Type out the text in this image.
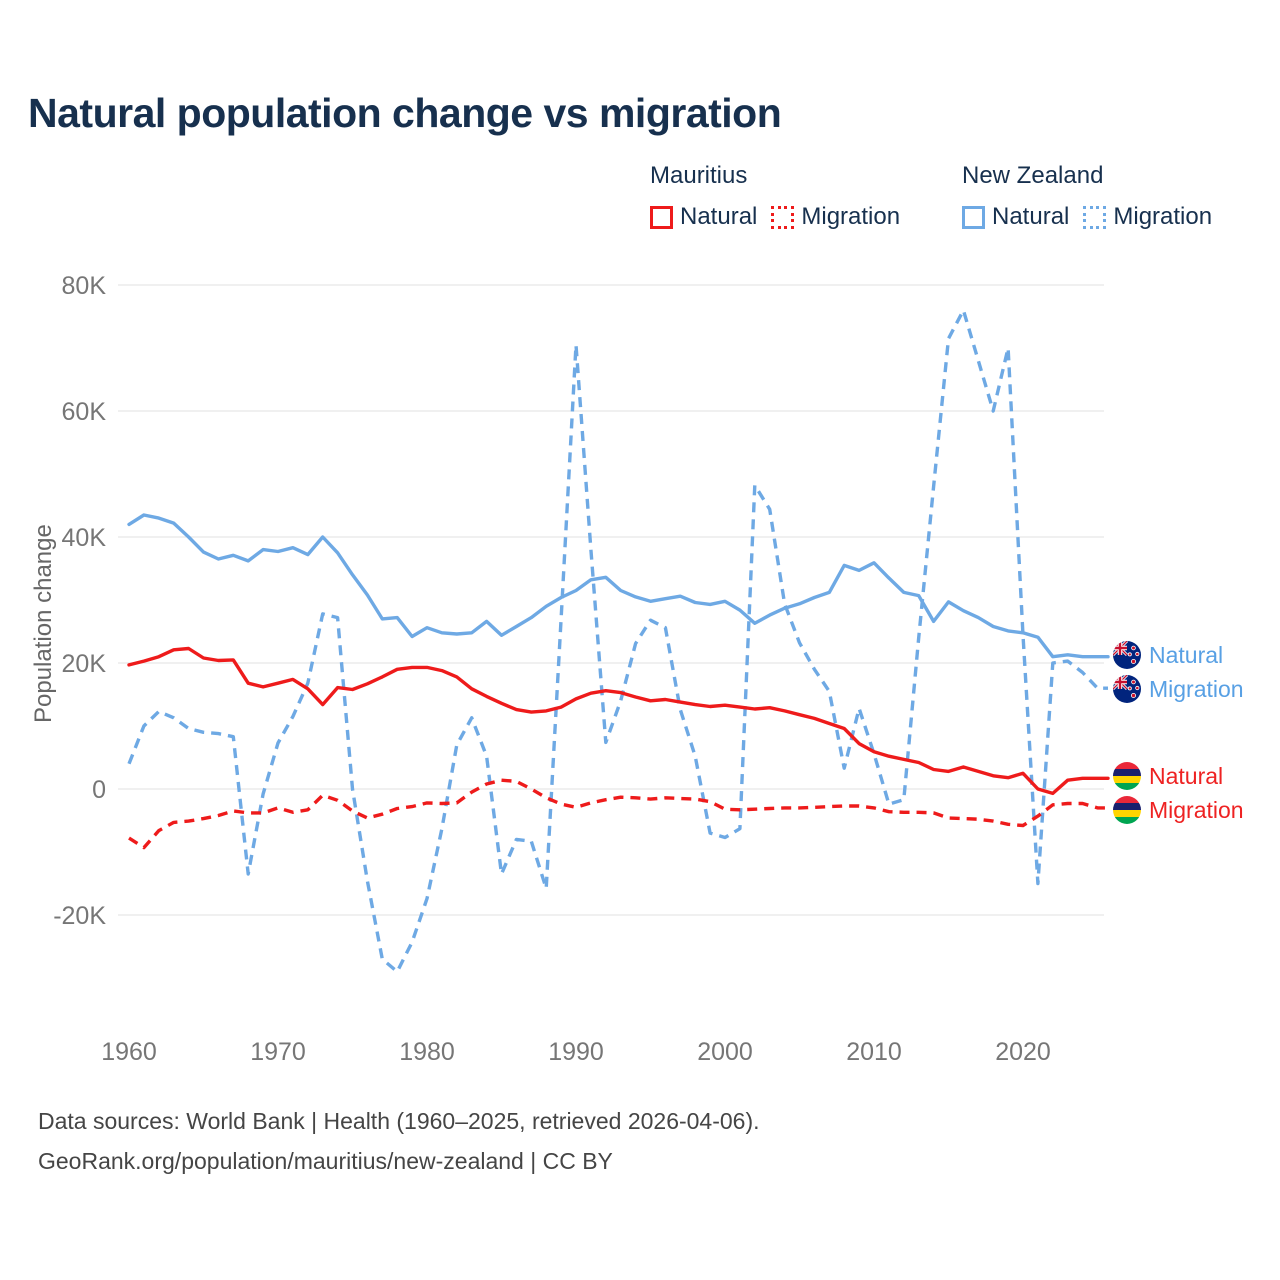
Natural population change vs migration
Mauritius
Natural Migration
New Zealand
Natural Migration
Population change
80K
60K
40K
20K
0
-20K
1960	1970	1980	1990	2000	2010	2020
Natural
Migration
Natural
Migration
Data sources: World Bank | Health (1960–2025, retrieved 2026-04-06).
GeoRank.org/population/mauritius/new-zealand | CC BY
